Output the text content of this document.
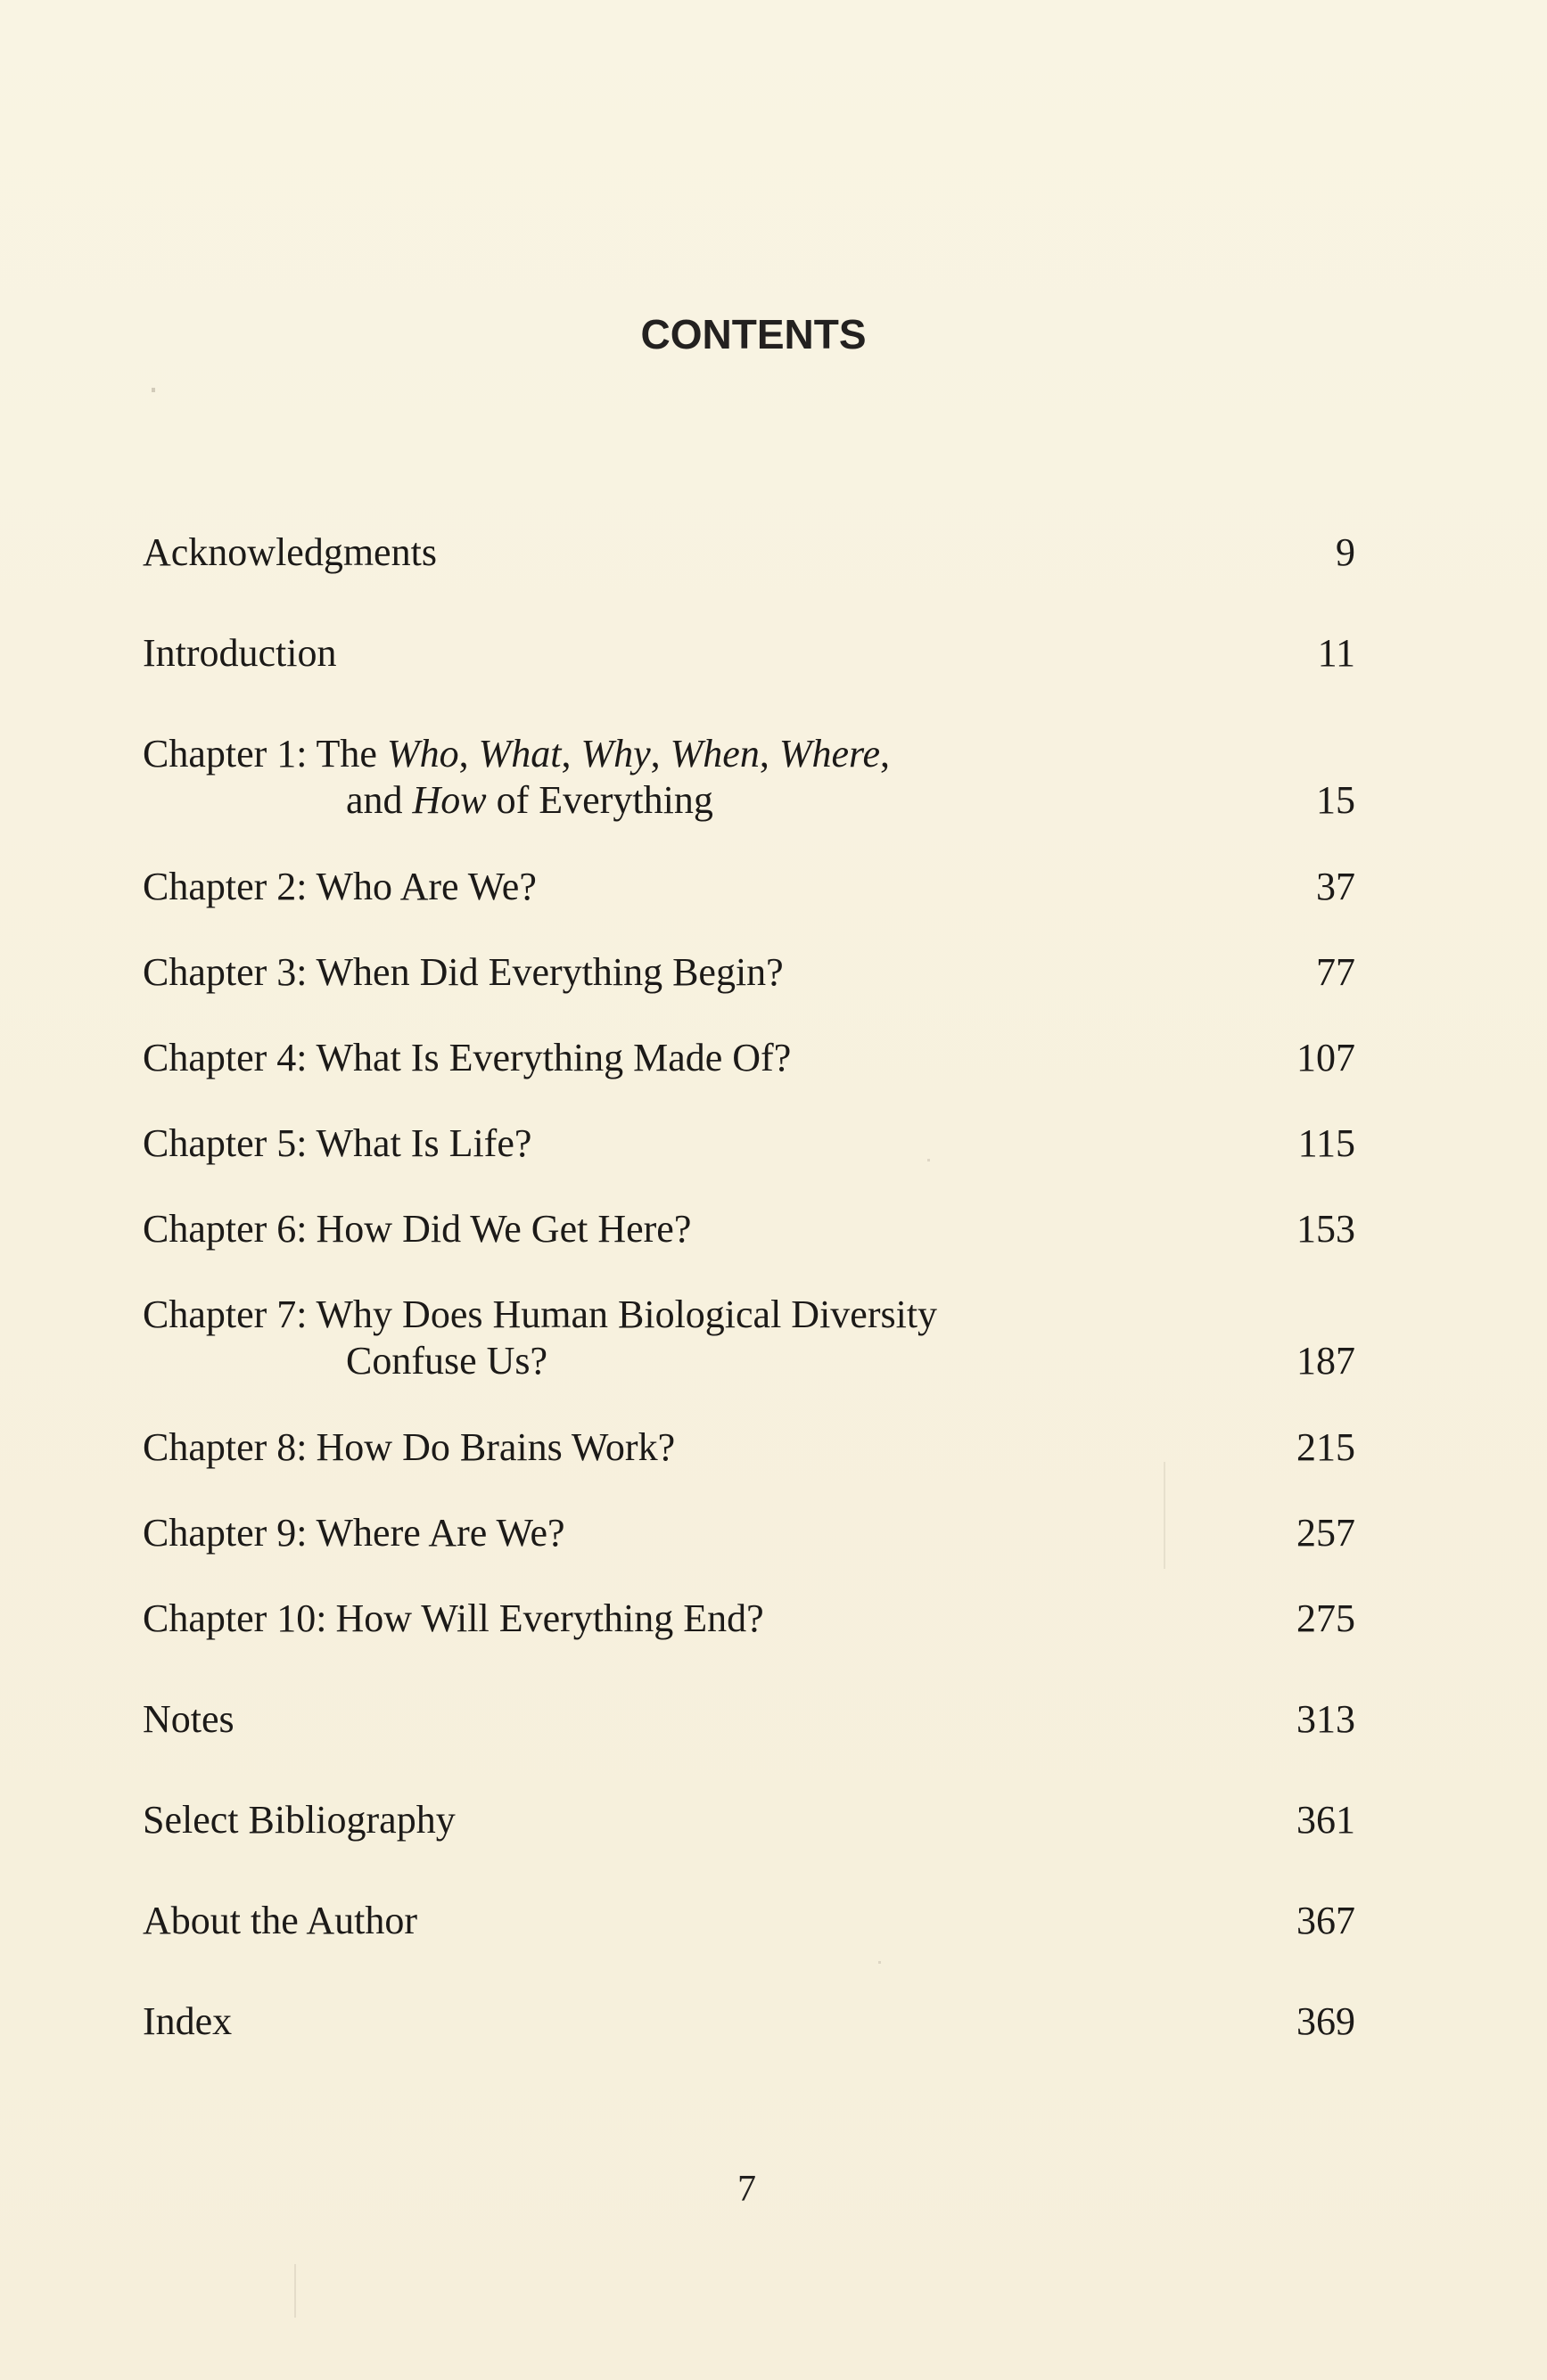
CONTENTS
Acknowledgments	9
Introduction	11
Chapter 1: The Who, What, Why, When, Where,
and How of Everything	15
Chapter 2: Who Are We?	37
Chapter 3: When Did Everything Begin?	77
Chapter 4: What Is Everything Made Of?	107
Chapter 5: What Is Life?	115
Chapter 6: How Did We Get Here?	153
Chapter 7: Why Does Human Biological Diversity
Confuse Us?	187
Chapter 8: How Do Brains Work?	215
Chapter 9: Where Are We?	257
Chapter 10: How Will Everything End?	275
Notes	313
Select Bibliography	361
About the Author	367
Index	369
7
